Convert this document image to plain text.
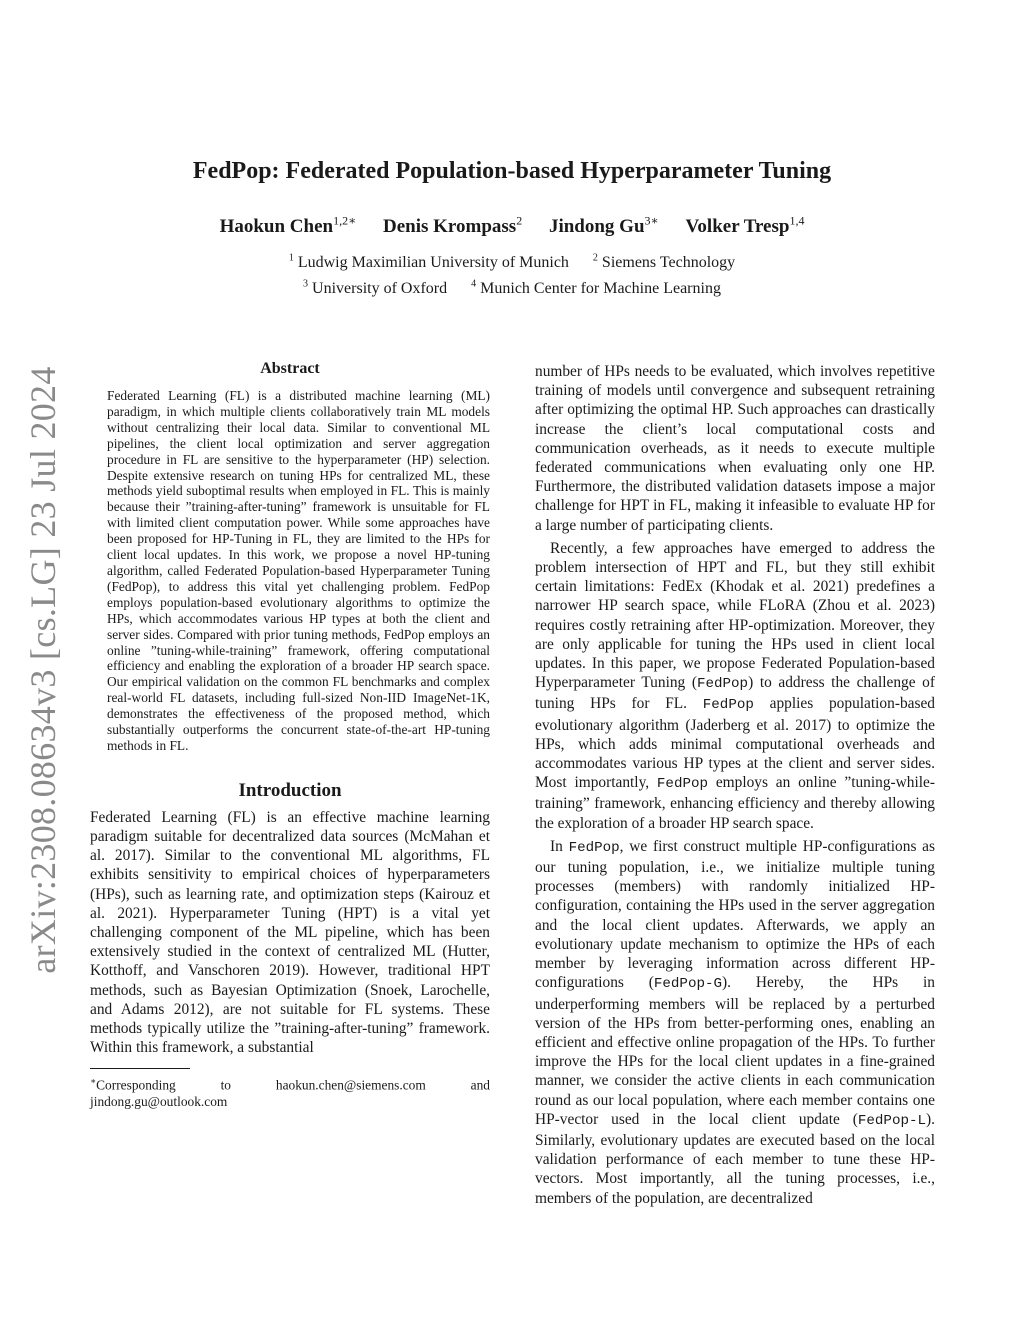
arXiv:2308.08634v3 [cs.LG] 23 Jul 2024
FedPop: Federated Population-based Hyperparameter Tuning
Haokun Chen$^{1,2∗}$ Denis Krompass$^2$ Jindong $Gu^{3∗}$ Volker Tresp$^{1,4}$
$^1$ Ludwig Maximilian University of Munich $^2$ Siemens Technology
$^3$ University of Oxford $^4$ Munich Center for Machine Learning
Abstract

Federated Learning (FL) is a distributed machine learning (ML) paradigm, in which multiple clients collaboratively train ML models without centralizing their local data. Similar to conventional ML pipelines, the client local optimization and server aggregation procedure in FL are sensitive to the hyperparameter (HP) selection. Despite extensive research on tuning HPs for centralized ML, these methods yield suboptimal results when employed in FL. This is mainly because their ”training-after-tuning” framework is unsuitable for FL with limited client computation power. While some approaches have been proposed for HP-Tuning in FL, they are limited to the HPs for client local updates. In this work, we propose a novel HP-tuning algorithm, called Federated Population-based Hyperparameter Tuning (FedPop), to address this vital yet challenging problem. FedPop employs population-based evolutionary algorithms to optimize the HPs, which accommodates various HP types at both the client and server sides. Compared with prior tuning methods, FedPop employs an online ”tuning-while-training” framework, offering computational efficiency and enabling the exploration of a broader HP search space. Our empirical validation on the common FL benchmarks and complex real-world FL datasets, including full-sized Non-IID ImageNet-1K, demonstrates the effectiveness of the proposed method, which substantially outperforms the concurrent state-of-the-art HP-tuning methods in FL.

Introduction

Federated Learning (FL) is an effective machine learning paradigm suitable for decentralized data sources (McMahan et al. 2017). Similar to the conventional ML algorithms, FL exhibits sensitivity to empirical choices of hyperparameters (HPs), such as learning rate, and optimization steps (Kairouz et al. 2021). Hyperparameter Tuning (HPT) is a vital yet challenging component of the ML pipeline, which has been extensively studied in the context of centralized ML (Hutter, Kotthoff, and Vanschoren 2019). However, traditional HPT methods, such as Bayesian Optimization (Snoek, Larochelle, and Adams 2012), are not suitable for FL systems. These methods typically utilize the ”training-after-tuning” framework. Within this framework, a substantial

∗Corresponding to haokun.chen@siemens.com and jindong.gu@outlook.com

number of HPs needs to be evaluated, which involves repetitive training of models until convergence and subsequent retraining after optimizing the optimal HP. Such approaches can drastically increase the client’s local computational costs and communication overheads, as it needs to execute multiple federated communications when evaluating only one HP. Furthermore, the distributed validation datasets impose a major challenge for HPT in FL, making it infeasible to evaluate HP for a large number of participating clients.

Recently, a few approaches have emerged to address the problem intersection of HPT and FL, but they still exhibit certain limitations: FedEx (Khodak et al. 2021) predefines a narrower HP search space, while FLoRA (Zhou et al. 2023) requires costly retraining after HP-optimization. Moreover, they are only applicable for tuning the HPs used in client local updates. In this paper, we propose Federated Population-based Hyperparameter Tuning (FedPop) to address the challenge of tuning HPs for FL. FedPop applies population-based evolutionary algorithm (Jaderberg et al. 2017) to optimize the HPs, which adds minimal computational overheads and accommodates various HP types at the client and server sides. Most importantly, FedPop employs an online ”tuning-while-training” framework, enhancing efficiency and thereby allowing the exploration of a broader HP search space.

In FedPop, we first construct multiple HP-configurations as our tuning population, i.e., we initialize multiple tuning processes (members) with randomly initialized HP-configuration, containing the HPs used in the server aggregation and the local client updates. Afterwards, we apply an evolutionary update mechanism to optimize the HPs of each member by leveraging information across different HP-configurations (FedPop-G). Hereby, the HPs in underperforming members will be replaced by a perturbed version of the HPs from better-performing ones, enabling an efficient and effective online propagation of the HPs. To further improve the HPs for the local client updates in a fine-grained manner, we consider the active clients in each communication round as our local population, where each member contains one HP-vector used in the local client update (FedPop-L). Similarly, evolutionary updates are executed based on the local validation performance of each member to tune these HP-vectors. Most importantly, all the tuning processes, i.e., members of the population, are decentralized
